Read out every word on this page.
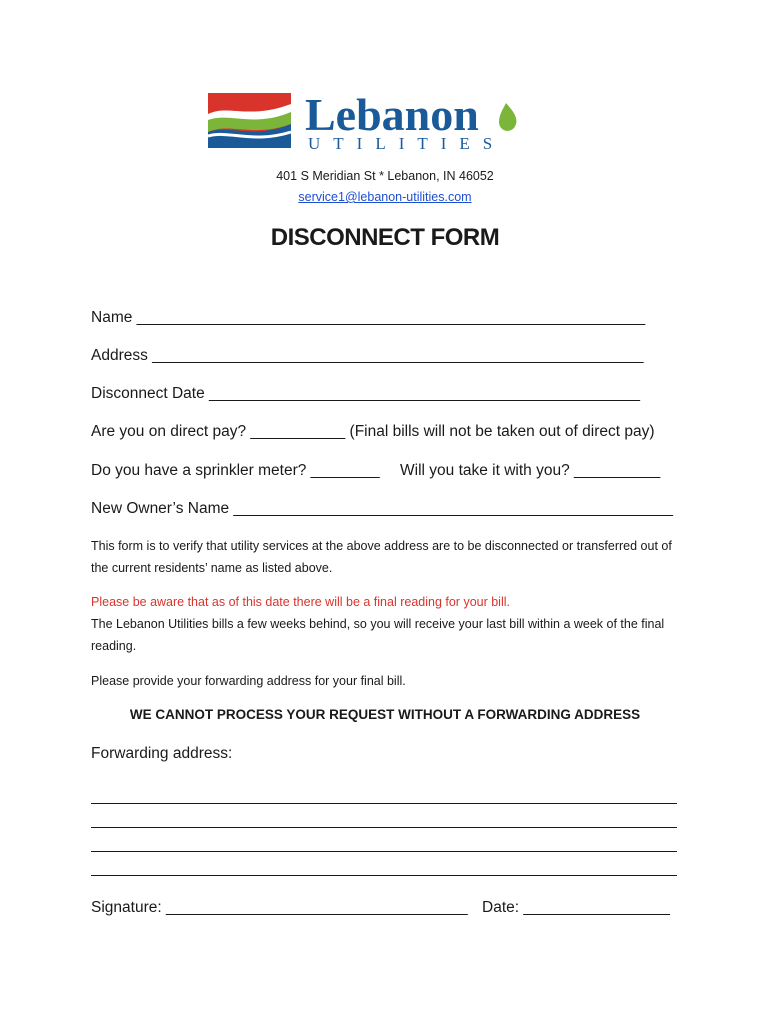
Lebanon
UTILITIES
401 S Meridian St * Lebanon, IN 46052
service1@lebanon-utilities.com
DISCONNECT FORM
Name ___________________________________________________________
Address _________________________________________________________
Disconnect Date __________________________________________________
Are you on direct pay? ___________ (Final bills will not be taken out of direct pay)
Do you have a sprinkler meter? ________ Will you take it with you? __________
New Owner’s Name ___________________________________________________
This form is to verify that utility services at the above address are to be disconnected or transferred out of the current residents’ name as listed above.
Please be aware that as of this date there will be a final reading for your bill.
The Lebanon Utilities bills a few weeks behind, so you will receive your last bill within a week of the final reading.
Please provide your forwarding address for your final bill.
WE CANNOT PROCESS YOUR REQUEST WITHOUT A FORWARDING ADDRESS
Forwarding address:
Signature: ___________________________________ Date: _________________
